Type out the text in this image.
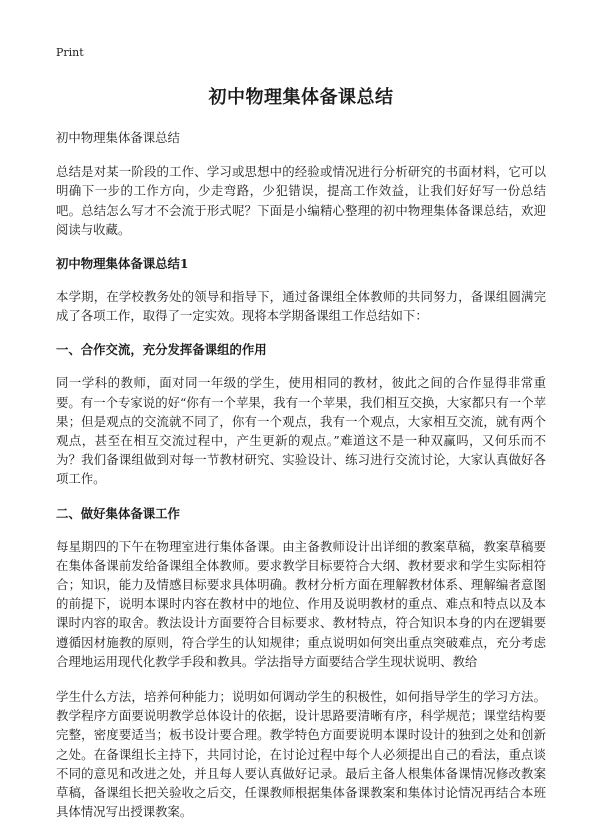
Print
初中物理集体备课总结

初中物理集体备课总结

总结是对某一阶段的工作、学习或思想中的经验或情况进行分析研究的书面材料，它可以明确下一步的工作方向，少走弯路，少犯错误，提高工作效益，让我们好好写一份总结吧。总结怎么写才不会流于形式呢？下面是小编精心整理的初中物理集体备课总结，欢迎阅读与收藏。

初中物理集体备课总结1

本学期，在学校教务处的领导和指导下，通过备课组全体教师的共同努力，备课组圆满完成了各项工作，取得了一定实效。现将本学期备课组工作总结如下：

一、合作交流，充分发挥备课组的作用

同一学科的教师，面对同一年级的学生，使用相同的教材，彼此之间的合作显得非常重要。有一个专家说的好“你有一个苹果，我有一个苹果，我们相互交换，大家都只有一个苹果；但是观点的交流就不同了，你有一个观点，我有一个观点，大家相互交流，就有两个观点，甚至在相互交流过程中，产生更新的观点。”难道这不是一种双赢吗，又何乐而不为？我们备课组做到对每一节教材研究、实验设计、练习进行交流讨论，大家认真做好各项工作。

二、做好集体备课工作

每星期四的下午在物理室进行集体备课。由主备教师设计出详细的教案草稿，教案草稿要在集体备课前发给备课组全体教师。要求教学目标要符合大纲、教材要求和学生实际相符合；知识，能力及情感目标要求具体明确。教材分析方面在理解教材体系、理解编者意图的前提下，说明本课时内容在教材中的地位、作用及说明教材的重点、难点和特点以及本课时内容的取舍。教法设计方面要符合目标要求、教材特点，符合知识本身的内在逻辑要遵循因材施教的原则，符合学生的认知规律；重点说明如何突出重点突破难点，充分考虑合理地运用现代化教学手段和教具。学法指导方面要结合学生现状说明、教给

学生什么方法，培养何种能力；说明如何调动学生的积极性，如何指导学生的学习方法。教学程序方面要说明教学总体设计的依据，设计思路要清晰有序，科学规范；课堂结构要完整，密度要适当；板书设计要合理。教学特色方面要说明本课时设计的独到之处和创新之处。在备课组长主持下，共同讨论，在讨论过程中每个人必须提出自己的看法，重点谈不同的意见和改进之处，并且每人要认真做好记录。最后主备人根集体备课情况修改教案草稿，备课组长把关验收之后交，任课教师根据集体备课教案和集体讨论情况再结合本班具体情况写出授课教案。
